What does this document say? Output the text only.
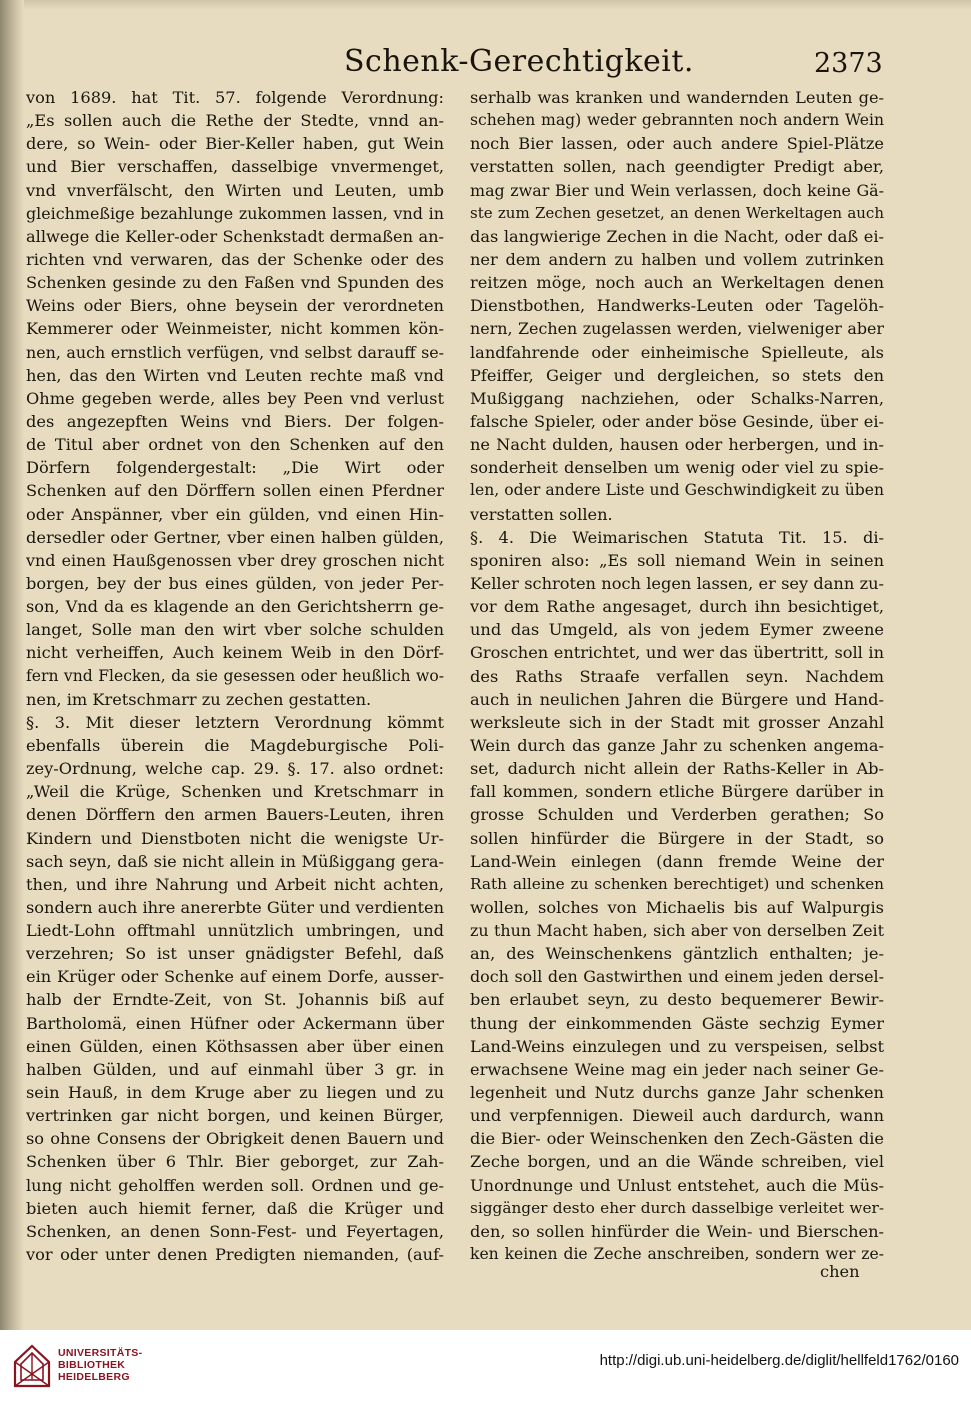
Schenk-Gerechtigkeit.	2373
von 1689. hat Tit. 57. folgende Verordnung:
„Es sollen auch die Rethe der Stedte, vnnd an-
dere, so Wein- oder Bier-Keller haben, gut Wein
und Bier verschaffen, dasselbige vnvermenget,
vnd vnverfälscht, den Wirten und Leuten, umb
gleichmeßige bezahlunge zukommen lassen, vnd in
allwege die Keller-oder Schenkstadt dermaßen an-
richten vnd verwaren, das der Schenke oder des
Schenken gesinde zu den Faßen vnd Spunden des
Weins oder Biers, ohne beysein der verordneten
Kemmerer oder Weinmeister, nicht kommen kön-
nen, auch ernstlich verfügen, vnd selbst darauff se-
hen, das den Wirten vnd Leuten rechte maß vnd
Ohme gegeben werde, alles bey Peen vnd verlust
des angezepften Weins vnd Biers. Der folgen-
de Titul aber ordnet von den Schenken auf den
Dörfern folgendergestalt: „Die Wirt oder
Schenken auf den Dörffern sollen einen Pferdner
oder Anspänner, vber ein gülden, vnd einen Hin-
dersedler oder Gertner, vber einen halben gülden,
vnd einen Haußgenossen vber drey groschen nicht
borgen, bey der bus eines gülden, von jeder Per-
son, Vnd da es klagende an den Gerichtsherrn ge-
langet, Solle man den wirt vber solche schulden
nicht verheiffen, Auch keinem Weib in den Dörf-
fern vnd Flecken, da sie gesessen oder heußlich wo-
nen, im Kretschmarr zu zechen gestatten.
§. 3. Mit dieser letztern Verordnung kömmt
ebenfalls überein die Magdeburgische Poli-
zey-Ordnung, welche cap. 29. §. 17. also ordnet:
„Weil die Krüge, Schenken und Kretschmarr in
denen Dörffern den armen Bauers-Leuten, ihren
Kindern und Dienstboten nicht die wenigste Ur-
sach seyn, daß sie nicht allein in Müßiggang gera-
then, und ihre Nahrung und Arbeit nicht achten,
sondern auch ihre anererbte Güter und verdienten
Liedt-Lohn offtmahl unnützlich umbringen, und
verzehren; So ist unser gnädigster Befehl, daß
ein Krüger oder Schenke auf einem Dorfe, ausser-
halb der Erndte-Zeit, von St. Johannis biß auf
Bartholomä, einen Hüfner oder Ackermann über
einen Gülden, einen Köthsassen aber über einen
halben Gülden, und auf einmahl über 3 gr. in
sein Hauß, in dem Kruge aber zu liegen und zu
vertrinken gar nicht borgen, und keinen Bürger,
so ohne Consens der Obrigkeit denen Bauern und
Schenken über 6 Thlr. Bier geborget, zur Zah-
lung nicht geholffen werden soll. Ordnen und ge-
bieten auch hiemit ferner, daß die Krüger und
Schenken, an denen Sonn-Fest- und Feyertagen,
vor oder unter denen Predigten niemanden, (auf-
serhalb was kranken und wandernden Leuten ge-
schehen mag) weder gebrannten noch andern Wein
noch Bier lassen, oder auch andere Spiel-Plätze
verstatten sollen, nach geendigter Predigt aber,
mag zwar Bier und Wein verlassen, doch keine Gä-
ste zum Zechen gesetzet, an denen Werkeltagen auch
das langwierige Zechen in die Nacht, oder daß ei-
ner dem andern zu halben und vollem zutrinken
reitzen möge, noch auch an Werkeltagen denen
Dienstbothen, Handwerks-Leuten oder Tagelöh-
nern, Zechen zugelassen werden, vielweniger aber
landfahrende oder einheimische Spielleute, als
Pfeiffer, Geiger und dergleichen, so stets den
Mußiggang nachziehen, oder Schalks-Narren,
falsche Spieler, oder ander böse Gesinde, über ei-
ne Nacht dulden, hausen oder herbergen, und in-
sonderheit denselben um wenig oder viel zu spie-
len, oder andere Liste und Geschwindigkeit zu üben
verstatten sollen.
§. 4. Die Weimarischen Statuta Tit. 15. di-
sponiren also: „Es soll niemand Wein in seinen
Keller schroten noch legen lassen, er sey dann zu-
vor dem Rathe angesaget, durch ihn besichtiget,
und das Umgeld, als von jedem Eymer zweene
Groschen entrichtet, und wer das übertritt, soll in
des Raths Straafe verfallen seyn. Nachdem
auch in neulichen Jahren die Bürgere und Hand-
werksleute sich in der Stadt mit grosser Anzahl
Wein durch das ganze Jahr zu schenken angema-
set, dadurch nicht allein der Raths-Keller in Ab-
fall kommen, sondern etliche Bürgere darüber in
grosse Schulden und Verderben gerathen; So
sollen hinfürder die Bürgere in der Stadt, so
Land-Wein einlegen (dann fremde Weine der
Rath alleine zu schenken berechtiget) und schenken
wollen, solches von Michaelis bis auf Walpurgis
zu thun Macht haben, sich aber von derselben Zeit
an, des Weinschenkens gäntzlich enthalten; je-
doch soll den Gastwirthen und einem jeden dersel-
ben erlaubet seyn, zu desto bequemerer Bewir-
thung der einkommenden Gäste sechzig Eymer
Land-Weins einzulegen und zu verspeisen, selbst
erwachsene Weine mag ein jeder nach seiner Ge-
legenheit und Nutz durchs ganze Jahr schenken
und verpfennigen. Dieweil auch dardurch, wann
die Bier- oder Weinschenken den Zech-Gästen die
Zeche borgen, und an die Wände schreiben, viel
Unordnunge und Unlust entstehet, auch die Müs-
siggänger desto eher durch dasselbige verleitet wer-
den, so sollen hinfürder die Wein- und Bierschen-
ken keinen die Zeche anschreiben, sondern wer ze-
chen
UNIVERSITÄTS-
BIBLIOTHEK
HEIDELBERG
http://digi.ub.uni-heidelberg.de/diglit/hellfeld1762/0160
